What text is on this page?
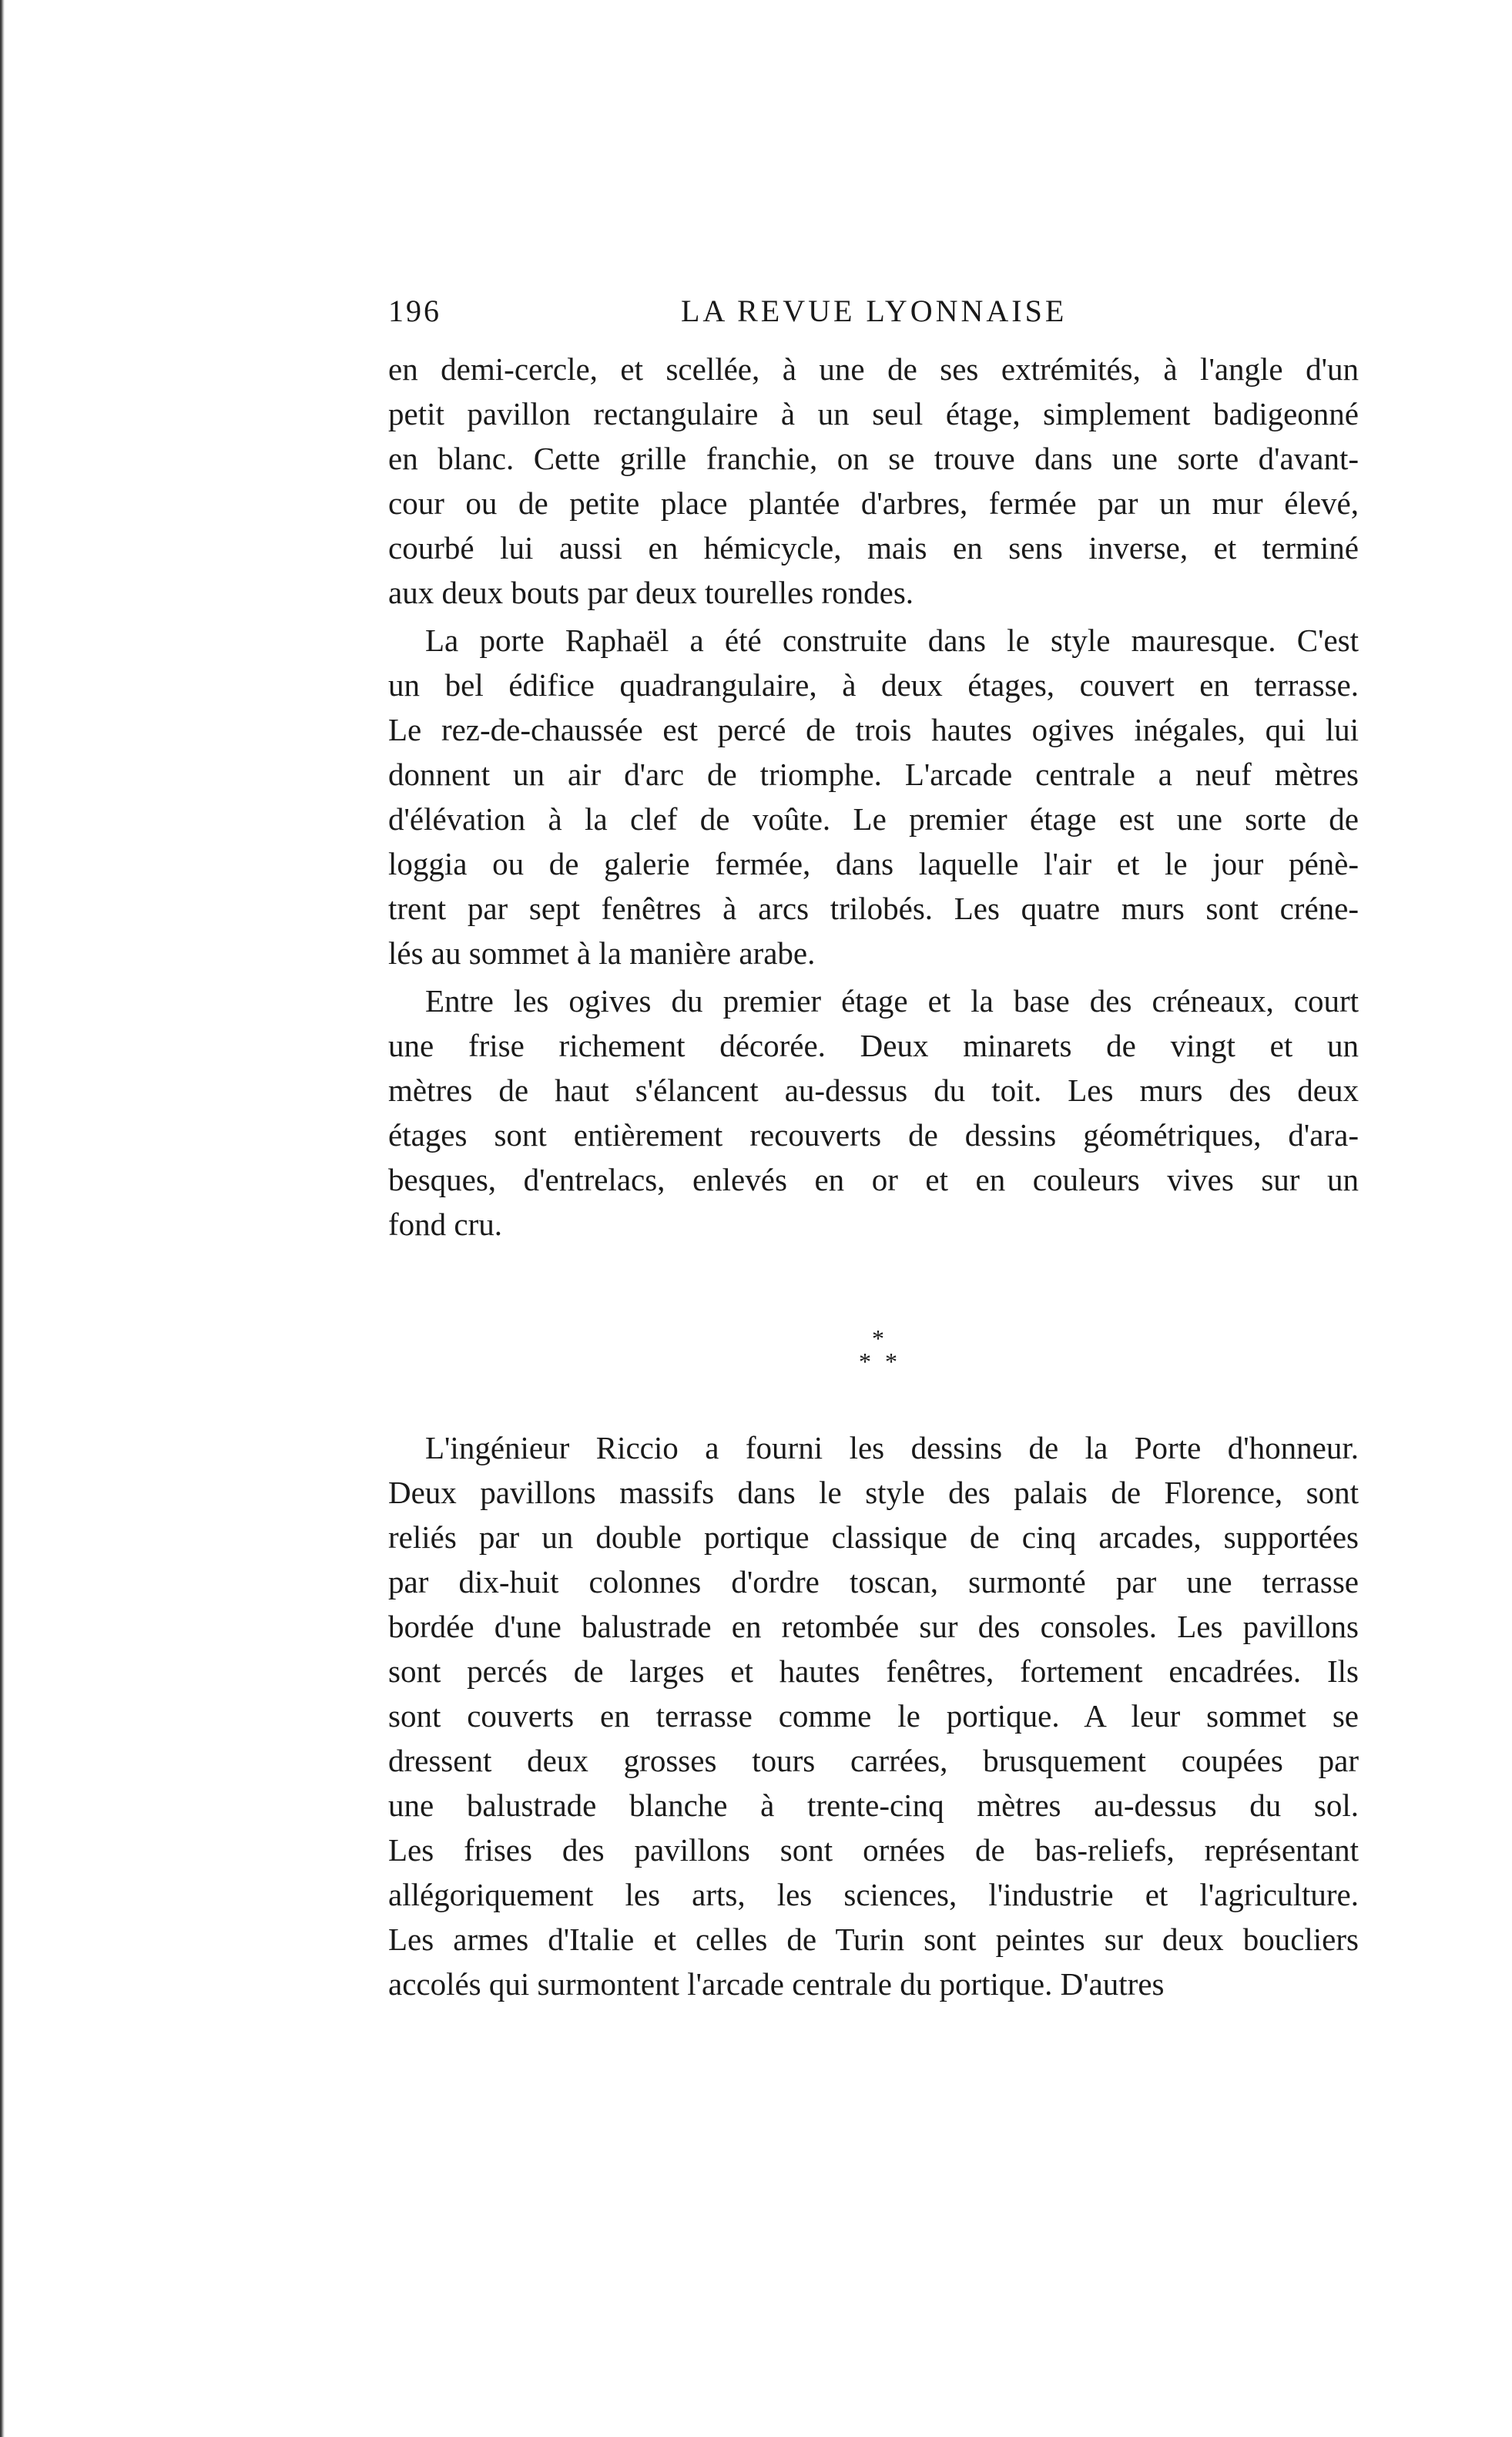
196	LA REVUE LYONNAISE
en demi-cercle, et scellée, à une de ses extrémités, à l'angle d'un
petit pavillon rectangulaire à un seul étage, simplement badigeonné
en blanc. Cette grille franchie, on se trouve dans une sorte d'avant-
cour ou de petite place plantée d'arbres, fermée par un mur élevé,
courbé lui aussi en hémicycle, mais en sens inverse, et terminé
aux deux bouts par deux tourelles rondes.
La porte Raphaël a été construite dans le style mauresque. C'est
un bel édifice quadrangulaire, à deux étages, couvert en terrasse.
Le rez-de-chaussée est percé de trois hautes ogives inégales, qui lui
donnent un air d'arc de triomphe. L'arcade centrale a neuf mètres
d'élévation à la clef de voûte. Le premier étage est une sorte de
loggia ou de galerie fermée, dans laquelle l'air et le jour pénè-
trent par sept fenêtres à arcs trilobés. Les quatre murs sont créne-
lés au sommet à la manière arabe.
Entre les ogives du premier étage et la base des créneaux, court
une frise richement décorée. Deux minarets de vingt et un
mètres de haut s'élancent au-dessus du toit. Les murs des deux
étages sont entièrement recouverts de dessins géométriques, d'ara-
besques, d'entrelacs, enlevés en or et en couleurs vives sur un
fond cru.
*
**
L'ingénieur Riccio a fourni les dessins de la Porte d'honneur.
Deux pavillons massifs dans le style des palais de Florence, sont
reliés par un double portique classique de cinq arcades, supportées
par dix-huit colonnes d'ordre toscan, surmonté par une terrasse
bordée d'une balustrade en retombée sur des consoles. Les pavillons
sont percés de larges et hautes fenêtres, fortement encadrées. Ils
sont couverts en terrasse comme le portique. A leur sommet se
dressent deux grosses tours carrées, brusquement coupées par
une balustrade blanche à trente-cinq mètres au-dessus du sol.
Les frises des pavillons sont ornées de bas-reliefs, représentant
allégoriquement les arts, les sciences, l'industrie et l'agriculture.
Les armes d'Italie et celles de Turin sont peintes sur deux boucliers
accolés qui surmontent l'arcade centrale du portique. D'autres
